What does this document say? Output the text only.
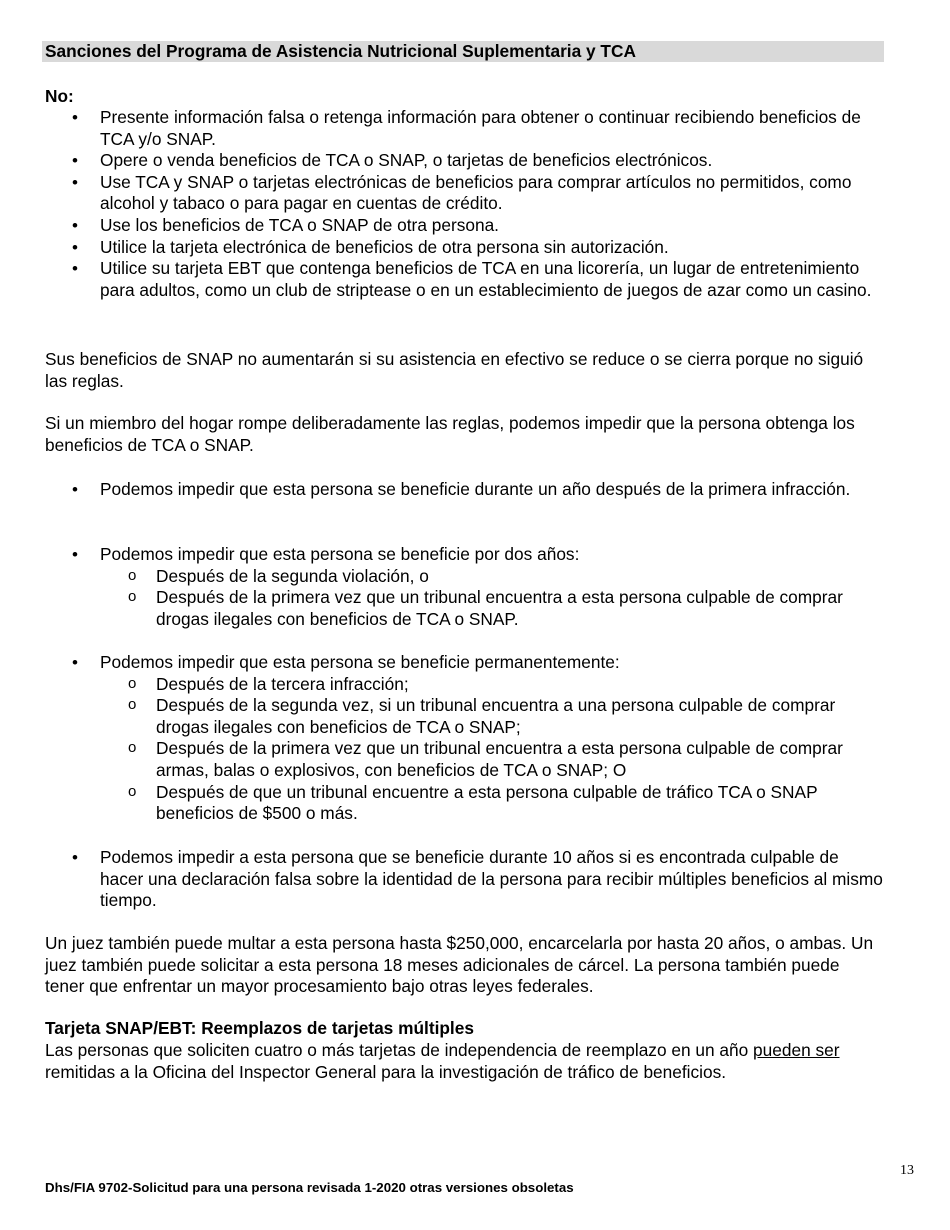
Sanciones del Programa de Asistencia Nutricional Suplementaria y TCA
No:
• Presente información falsa o retenga información para obtener o continuar recibiendo beneficios de TCA y/o SNAP.
• Opere o venda beneficios de TCA o SNAP, o tarjetas de beneficios electrónicos.
• Use TCA y SNAP o tarjetas electrónicas de beneficios para comprar artículos no permitidos, como alcohol y tabaco o para pagar en cuentas de crédito.
• Use los beneficios de TCA o SNAP de otra persona.
• Utilice la tarjeta electrónica de beneficios de otra persona sin autorización.
• Utilice su tarjeta EBT que contenga beneficios de TCA en una licorería, un lugar de entretenimiento para adultos, como un club de striptease o en un establecimiento de juegos de azar como un casino.
Sus beneficios de SNAP no aumentarán si su asistencia en efectivo se reduce o se cierra porque no siguió las reglas.
Si un miembro del hogar rompe deliberadamente las reglas, podemos impedir que la persona obtenga los beneficios de TCA o SNAP.
• Podemos impedir que esta persona se beneficie durante un año después de la primera infracción.
• Podemos impedir que esta persona se beneficie por dos años:
o Después de la segunda violación, o
o Después de la primera vez que un tribunal encuentra a esta persona culpable de comprar drogas ilegales con beneficios de TCA o SNAP.
• Podemos impedir que esta persona se beneficie permanentemente:
o Después de la tercera infracción;
o Después de la segunda vez, si un tribunal encuentra a una persona culpable de comprar drogas ilegales con beneficios de TCA o SNAP;
o Después de la primera vez que un tribunal encuentra a esta persona culpable de comprar armas, balas o explosivos, con beneficios de TCA o SNAP; O
o Después de que un tribunal encuentre a esta persona culpable de tráfico TCA o SNAP beneficios de $500 o más.
• Podemos impedir a esta persona que se beneficie durante 10 años si es encontrada culpable de hacer una declaración falsa sobre la identidad de la persona para recibir múltiples beneficios al mismo tiempo.
Un juez también puede multar a esta persona hasta $250,000, encarcelarla por hasta 20 años, o ambas. Un juez también puede solicitar a esta persona 18 meses adicionales de cárcel. La persona también puede tener que enfrentar un mayor procesamiento bajo otras leyes federales.
Tarjeta SNAP/EBT: Reemplazos de tarjetas múltiples
Las personas que soliciten cuatro o más tarjetas de independencia de reemplazo en un año pueden ser remitidas a la Oficina del Inspector General para la investigación de tráfico de beneficios.
13
Dhs/FIA 9702-Solicitud para una persona revisada 1-2020 otras versiones obsoletas
